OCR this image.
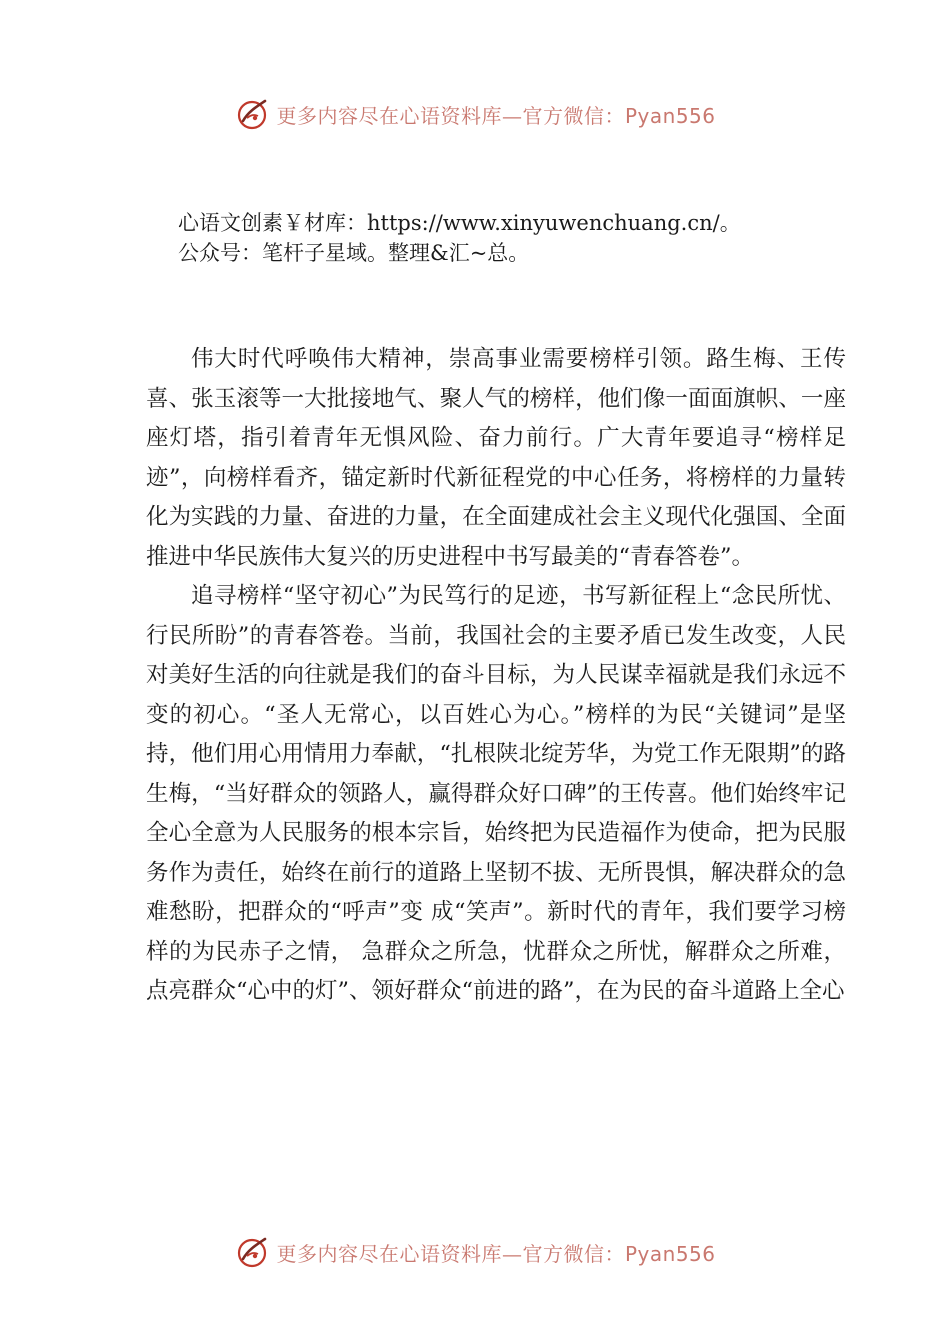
更多内容尽在心语资料库—官方微信：Pyan556
心语文创素￥材库：https://www.xinyuwenchuang.cn/。
公众号：笔杆子星域。整理&汇~总。

伟大时代呼唤伟大精神，崇高事业需要榜样引领。路生梅、王传喜、张玉滚等一大批接地气、聚人气的榜样，他们像一面面旗帜、一座座灯塔，指引着青年无惧风险、奋力前行。广大青年要追寻“榜样足迹”，向榜样看齐，锚定新时代新征程党的中心任务，将榜样的力量转化为实践的力量、奋进的力量，在全面建成社会主义现代化强国、全面推进中华民族伟大复兴的历史进程中书写最美的“青春答卷”。

追寻榜样“坚守初心”为民笃行的足迹，书写新征程上“念民所忧、行民所盼”的青春答卷。当前，我国社会的主要矛盾已发生改变，人民对美好生活的向往就是我们的奋斗目标，为人民谋幸福就是我们永远不变的初心。“圣人无常心，以百姓心为心。”榜样的为民“关键词”是坚持，他们用心用情用力奉献，“扎根陕北绽芳华，为党工作无限期”的路生梅，“当好群众的领路人，赢得群众好口碑”的王传喜。他们始终牢记全心全意为人民服务的根本宗旨，始终把为民造福作为使命，把为民服务作为责任，始终在前行的道路上坚韧不拔、无所畏惧，解决群众的急难愁盼，把群众的“呼声”变 成“笑声”。新时代的青年，我们要学习榜样的为民赤子之情， 急群众之所急，忧群众之所忧，解群众之所难，点亮群众“心中的灯”、领好群众“前进的路”，在为民的奋斗道路上全心

更多内容尽在心语资料库—官方微信：Pyan556
